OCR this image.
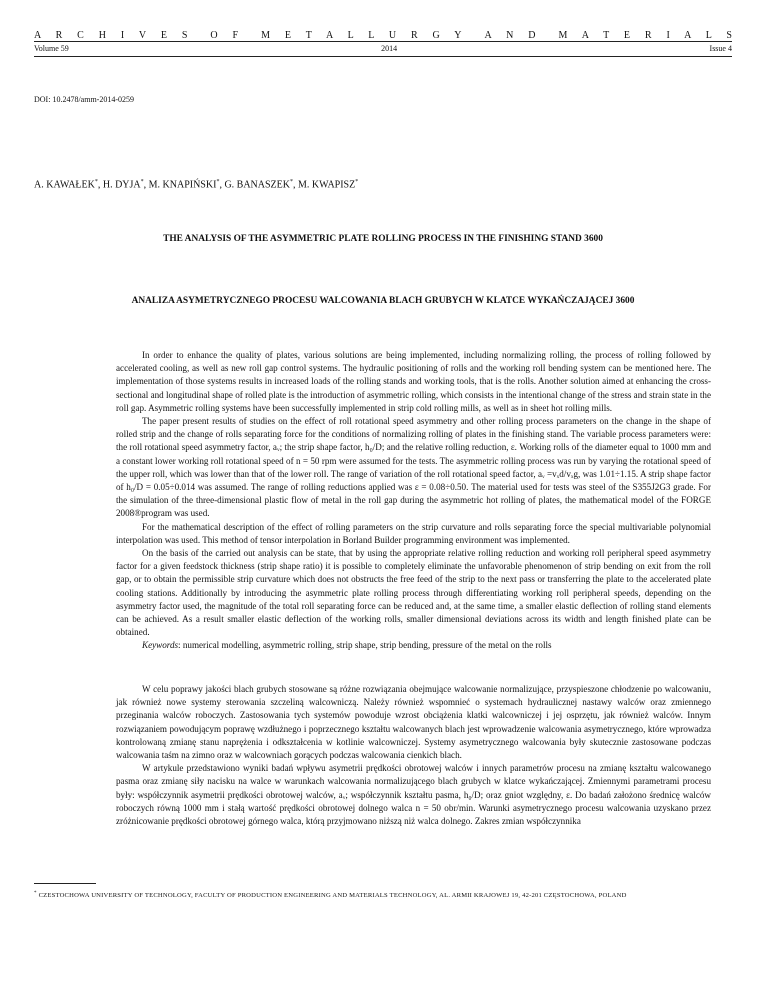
A R C H I V E S O F M E T A L L U R G Y A N D M A T E R I A L S
Volume 59	2014	Issue 4
DOI: 10.2478/amm-2014-0259
A. KAWAŁEK*, H. DYJA*, M. KNAPIŃSKI*, G. BANASZEK*, M. KWAPISZ*
THE ANALYSIS OF THE ASYMMETRIC PLATE ROLLING PROCESS IN THE FINISHING STAND 3600
ANALIZA ASYMETRYCZNEGO PROCESU WALCOWANIA BLACH GRUBYCH W KLATCE WYKAŃCZAJĄCEJ 3600

In order to enhance the quality of plates, various solutions are being implemented, including normalizing rolling, the process of rolling followed by accelerated cooling, as well as new roll gap control systems. The hydraulic positioning of rolls and the working roll bending system can be mentioned here. The implementation of those systems results in increased loads of the rolling stands and working tools, that is the rolls. Another solution aimed at enhancing the cross-sectional and longitudinal shape of rolled plate is the introduction of asymmetric rolling, which consists in the intentional change of the stress and strain state in the roll gap. Asymmetric rolling systems have been successfully implemented in strip cold rolling mills, as well as in sheet hot rolling mills.

The paper present results of studies on the effect of roll rotational speed asymmetry and other rolling process parameters on the change in the shape of rolled strip and the change of rolls separating force for the conditions of normalizing rolling of plates in the finishing stand. The variable process parameters were: the roll rotational speed asymmetry factor, aᵥ; the strip shape factor, h₀/D; and the relative rolling reduction, ε. Working rolls of the diameter equal to 1000 mm and a constant lower working roll rotational speed of n = 50 rpm were assumed for the tests. The asymmetric rolling process was run by varying the rotational speed of the upper roll, which was lower than that of the lower roll. The range of variation of the roll rotational speed factor, aᵥ =vₓd/vₓg, was 1.01÷1.15. A strip shape factor of h₀/D = 0.05÷0.014 was assumed. The range of rolling reductions applied was ε = 0.08÷0.50. The material used for tests was steel of the S355J2G3 grade. For the simulation of the three-dimensional plastic flow of metal in the roll gap during the asymmetric hot rolling of plates, the mathematical model of the FORGE 2008®program was used.

For the mathematical description of the effect of rolling parameters on the strip curvature and rolls separating force the special multivariable polynomial interpolation was used. This method of tensor interpolation in Borland Builder programming environment was implemented.

On the basis of the carried out analysis can be state, that by using the appropriate relative rolling reduction and working roll peripheral speed asymmetry factor for a given feedstock thickness (strip shape ratio) it is possible to completely eliminate the unfavorable phenomenon of strip bending on exit from the roll gap, or to obtain the permissible strip curvature which does not obstructs the free feed of the strip to the next pass or transferring the plate to the accelerated plate cooling stations. Additionally by introducing the asymmetric plate rolling process through differentiating working roll peripheral speeds, depending on the asymmetry factor used, the magnitude of the total roll separating force can be reduced and, at the same time, a smaller elastic deflection of rolling stand elements can be achieved. As a result smaller elastic deflection of the working rolls, smaller dimensional deviations across its width and length finished plate can be obtained.

Keywords: numerical modelling, asymmetric rolling, strip shape, strip bending, pressure of the metal on the rolls

W celu poprawy jakości blach grubych stosowane są różne rozwiązania obejmujące walcowanie normalizujące, przyspieszone chłodzenie po walcowaniu, jak również nowe systemy sterowania szczeliną walcowniczą. Należy również wspomnieć o systemach hydraulicznej nastawy walców oraz zmiennego przeginania walców roboczych. Zastosowania tych systemów powoduje wzrost obciążenia klatki walcowniczej i jej osprzętu, jak również walców. Innym rozwiązaniem powodującym poprawę wzdłużnego i poprzecznego kształtu walcowanych blach jest wprowadzenie walcowania asymetrycznego, które wprowadza kontrolowaną zmianę stanu naprężenia i odkształcenia w kotlinie walcowniczej. Systemy asymetrycznego walcowania były skutecznie zastosowane podczas walcowania taśm na zimno oraz w walcowniach gorących podczas walcowania cienkich blach.

W artykule przedstawiono wyniki badań wpływu asymetrii prędkości obrotowej walców i innych parametrów procesu na zmianę kształtu walcowanego pasma oraz zmianę siły nacisku na walce w warunkach walcowania normalizującego blach grubych w klatce wykańczającej. Zmiennymi parametrami procesu były: współczynnik asymetrii prędkości obrotowej walców, aᵥ; współczynnik kształtu pasma, h₀/D; oraz gniot względny, ε. Do badań założono średnicę walców roboczych równą 1000 mm i stałą wartość prędkości obrotowej dolnego walca n = 50 obr/min. Warunki asymetrycznego procesu walcowania uzyskano przez zróżnicowanie prędkości obrotowej górnego walca, którą przyjmowano niższą niż walca dolnego. Zakres zmian współczynnika

* CZESTOCHOWA UNIVERSITY OF TECHNOLOGY, FACULTY OF PRODUCTION ENGINEERING AND MATERIALS TECHNOLOGY, AL. ARMII KRAJOWEJ 19, 42-201 CZĘSTOCHOWA, POLAND
